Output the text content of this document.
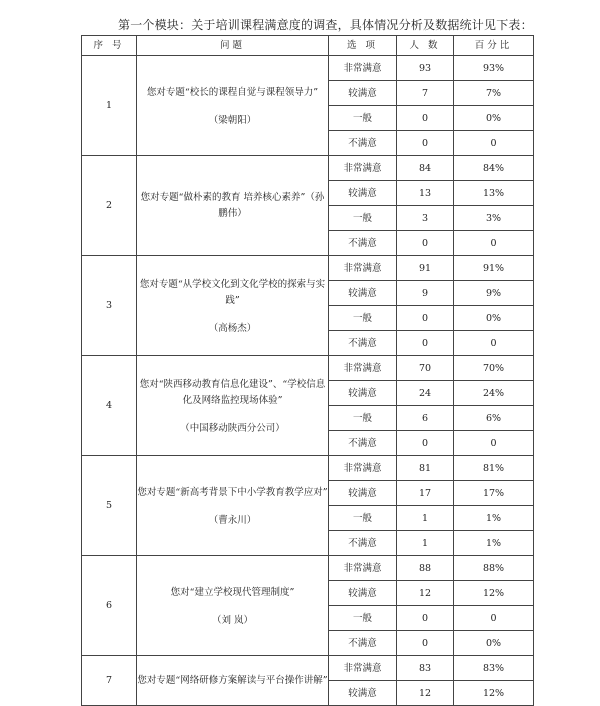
第一个模块：关于培训课程满意度的调查，具体情况分析及数据统计见下表：
序 号	问题	选 项	人 数	百分比
1	您对专题“校长的课程自觉与课程领导力”
（梁朝阳）	非常满意	93	93%
		较满意	7	7%
		一般	0	0%
		不满意	0	0
2	您对专题“做朴素的教育 培养核心素养”（孙鹏伟）	非常满意	84	84%
		较满意	13	13%
		一般	3	3%
		不满意	0	0
3	您对专题“从学校文化到文化学校的探索与实践”
（高杨杰）	非常满意	91	91%
		较满意	9	9%
		一般	0	0%
		不满意	0	0
4	您对“陕西移动教育信息化建设”、“学校信息化及网络监控现场体验”
（中国移动陕西分公司）	非常满意	70	70%
		较满意	24	24%
		一般	6	6%
		不满意	0	0
5	您对专题“新高考背景下中小学教育教学应对”
（曹永川）	非常满意	81	81%
		较满意	17	17%
		一般	1	1%
		不满意	1	1%
6	您对“建立学校现代管理制度”
（刘 岚）	非常满意	88	88%
		较满意	12	12%
		一般	0	0
		不满意	0	0%
7	您对专题“网络研修方案解读与平台操作讲解”	非常满意	83	83%
		较满意	12	12%
